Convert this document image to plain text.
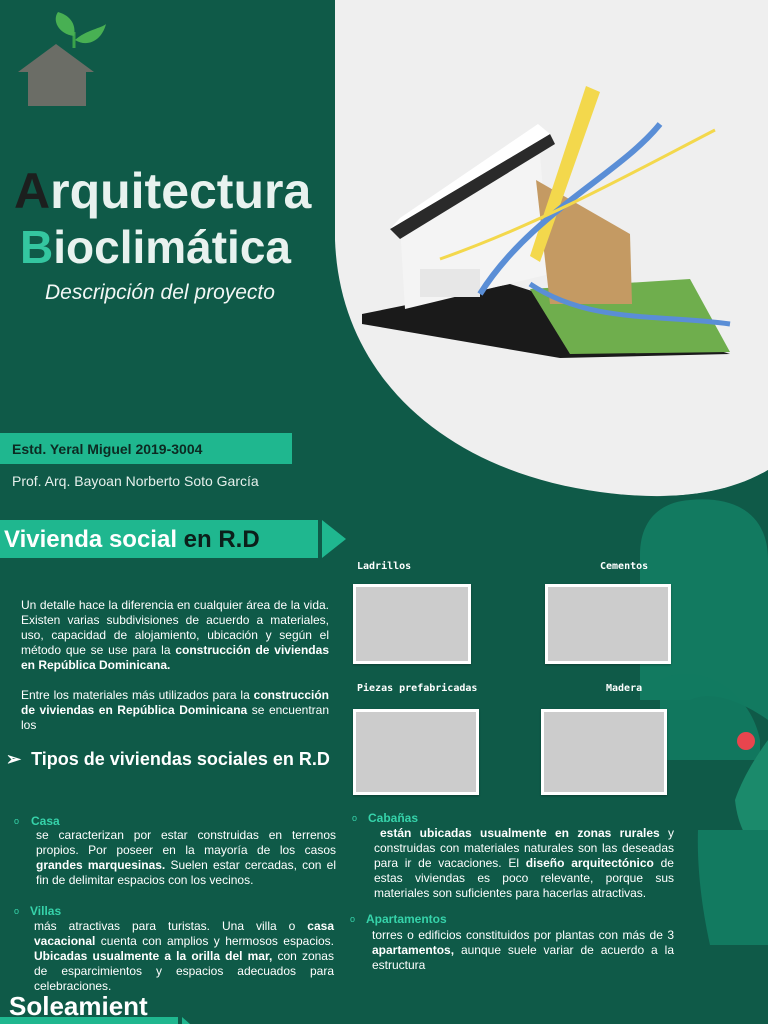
Arquitectura
Bioclimática
Descripción del proyecto
Estd. Yeral Miguel 2019-3004
Prof. Arq. Bayoan Norberto Soto García
Vivienda social en R.D
Un detalle hace la diferencia en cualquier área de la vida. Existen varias subdivisiones de acuerdo a materiales, uso, capacidad de alojamiento, ubicación y según el método que se use para la construcción de viviendas en República Dominicana.
Entre los materiales más utilizados para la construcción de viviendas en República Dominicana se encuentran los
➢ Tipos de viviendas sociales en R.D
Ladrillos	Cementos
Piezas prefabricadas	Madera
o Casa
se caracterizan por estar construidas en terrenos propios. Por poseer en la mayoría de los casos grandes marquesinas. Suelen estar cercadas, con el fin de delimitar espacios con los vecinos.
o Villas
más atractivas para turistas. Una villa o casa vacacional cuenta con amplios y hermosos espacios. Ubicadas usualmente a la orilla del mar, con zonas de esparcimientos y espacios adecuados para celebraciones.
o Cabañas
están ubicadas usualmente en zonas rurales y construidas con materiales naturales son las deseadas para ir de vacaciones. El diseño arquitectónico de estas viviendas es poco relevante, porque sus materiales son suficientes para hacerlas atractivas.
o Apartamentos
torres o edificios constituidos por plantas con más de 3 apartamentos, aunque suele variar de acuerdo a la estructura
Soleamient
